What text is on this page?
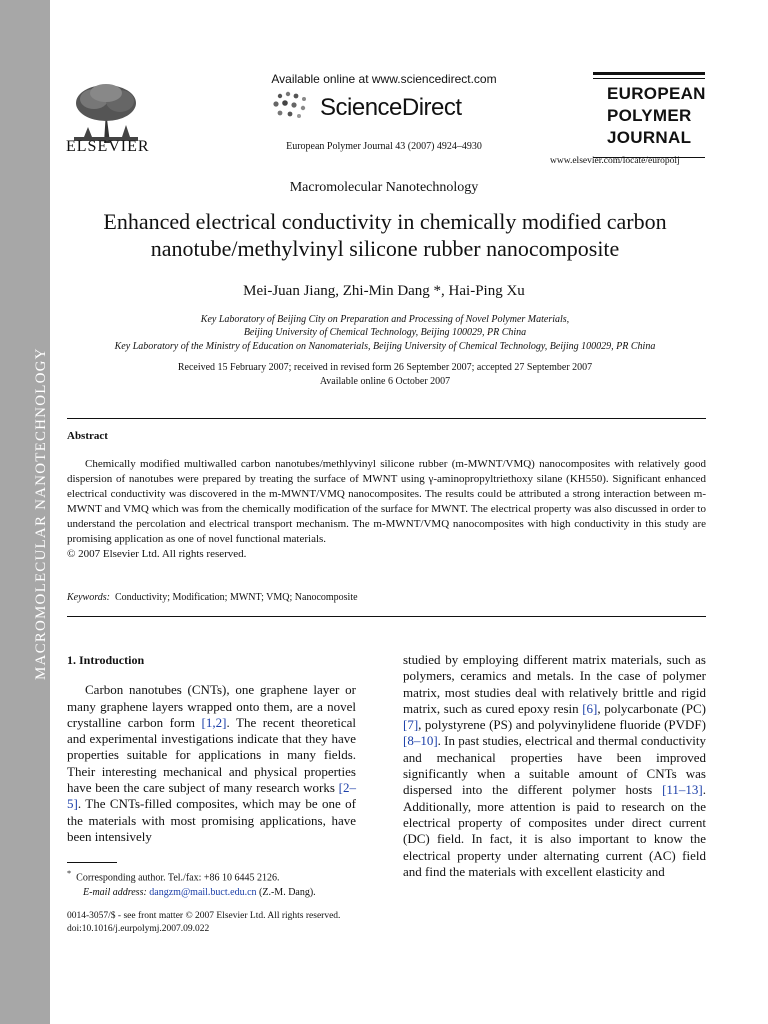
MACROMOLECULAR NANOTECHNOLOGY
ELSEVIER
Available online at www.sciencedirect.com
ScienceDirect
European Polymer Journal 43 (2007) 4924–4930
EUROPEAN
POLYMER
JOURNAL
www.elsevier.com/locate/europolj
Macromolecular Nanotechnology
Enhanced electrical conductivity in chemically modified carbon nanotube/methylvinyl silicone rubber nanocomposite
Mei-Juan Jiang, Zhi-Min Dang *, Hai-Ping Xu
Key Laboratory of Beijing City on Preparation and Processing of Novel Polymer Materials,
Beijing University of Chemical Technology, Beijing 100029, PR China
Key Laboratory of the Ministry of Education on Nanomaterials, Beijing University of Chemical Technology, Beijing 100029, PR China
Received 15 February 2007; received in revised form 26 September 2007; accepted 27 September 2007
Available online 6 October 2007
Abstract

Chemically modified multiwalled carbon nanotubes/methlyvinyl silicone rubber (m-MWNT/VMQ) nanocomposites with relatively good dispersion of nanotubes were prepared by treating the surface of MWNT using γ-aminopropyltriethoxy silane (KH550). Significant enhanced electrical conductivity was discovered in the m-MWNT/VMQ nanocomposites. The results could be attributed a strong interaction between m-MWNT and VMQ which was from the chemically modification of the surface for MWNT. The electrical property was also discussed in order to understand the percolation and electrical transport mechanism. The m-MWNT/VMQ nanocomposites with high conductivity in this study are promising application as one of novel functional materials.

© 2007 Elsevier Ltd. All rights reserved.

Keywords: Conductivity; Modification; MWNT; VMQ; Nanocomposite
1. Introduction

Carbon nanotubes (CNTs), one graphene layer or many graphene layers wrapped onto them, are a novel crystalline carbon form [1,2]. The recent theoretical and experimental investigations indicate that they have properties suitable for applications in many fields. Their interesting mechanical and physical properties have been the care subject of many research works [2–5]. The CNTs-filled composites, which may be one of the materials with most promising applications, have been intensively

studied by employing different matrix materials, such as polymers, ceramics and metals. In the case of polymer matrix, most studies deal with relatively brittle and rigid matrix, such as cured epoxy resin [6], polycarbonate (PC) [7], polystyrene (PS) and polyvinylidene fluoride (PVDF) [8–10]. In past studies, electrical and thermal conductivity and mechanical properties have been improved significantly when a suitable amount of CNTs was dispersed into the different polymer hosts [11–13]. Additionally, more attention is paid to research on the electrical property of composites under direct current (DC) field. In fact, it is also important to know the electrical property under alternating current (AC) field and find the materials with excellent elasticity and

* Corresponding author. Tel./fax: +86 10 6445 2126.
E-mail address: dangzm@mail.buct.edu.cn (Z.-M. Dang).
0014-3057/$ - see front matter © 2007 Elsevier Ltd. All rights reserved.
doi:10.1016/j.eurpolymj.2007.09.022
